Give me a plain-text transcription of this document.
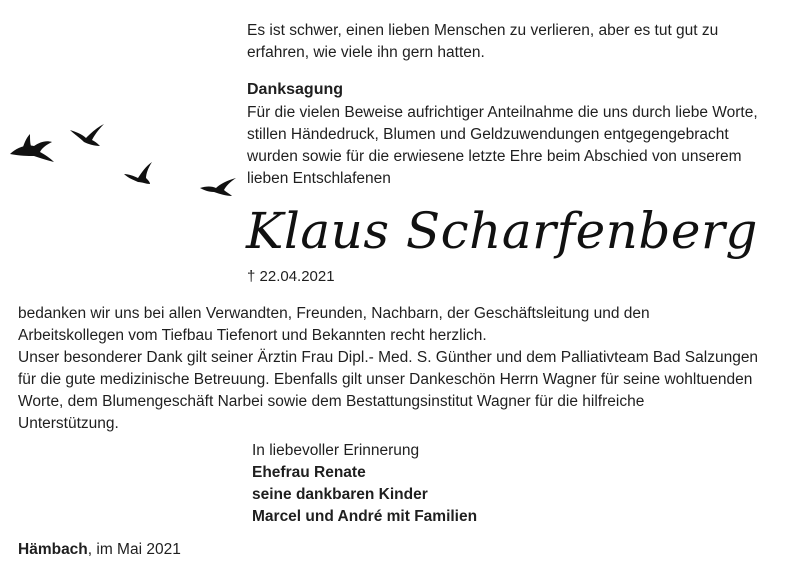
Es ist schwer, einen lieben Menschen zu verlieren, aber es tut gut zu
erfahren, wie viele ihn gern hatten.
Danksagung
Für die vielen Beweise aufrichtiger Anteilnahme die uns durch liebe Worte,
stillen Händedruck, Blumen und Geldzuwendungen entgegengebracht
wurden sowie für die erwiesene letzte Ehre beim Abschied von unserem
lieben Entschlafenen
Klaus Scharfenberg
† 22.04.2021
bedanken wir uns bei allen Verwandten, Freunden, Nachbarn, der Geschäftsleitung und den
Arbeitskollegen vom Tiefbau Tiefenort und Bekannten recht herzlich.
Unser besonderer Dank gilt seiner Ärztin Frau Dipl.- Med. S. Günther und dem Palliativteam Bad Salzungen
für die gute medizinische Betreuung. Ebenfalls gilt unser Dankeschön Herrn Wagner für seine wohltuenden
Worte, dem Blumengeschäft Narbei sowie dem Bestattungsinstitut Wagner für die hilfreiche
Unterstützung.
In liebevoller Erinnerung
Ehefrau Renate
seine dankbaren Kinder
Marcel und André mit Familien
Hämbach, im Mai 2021
